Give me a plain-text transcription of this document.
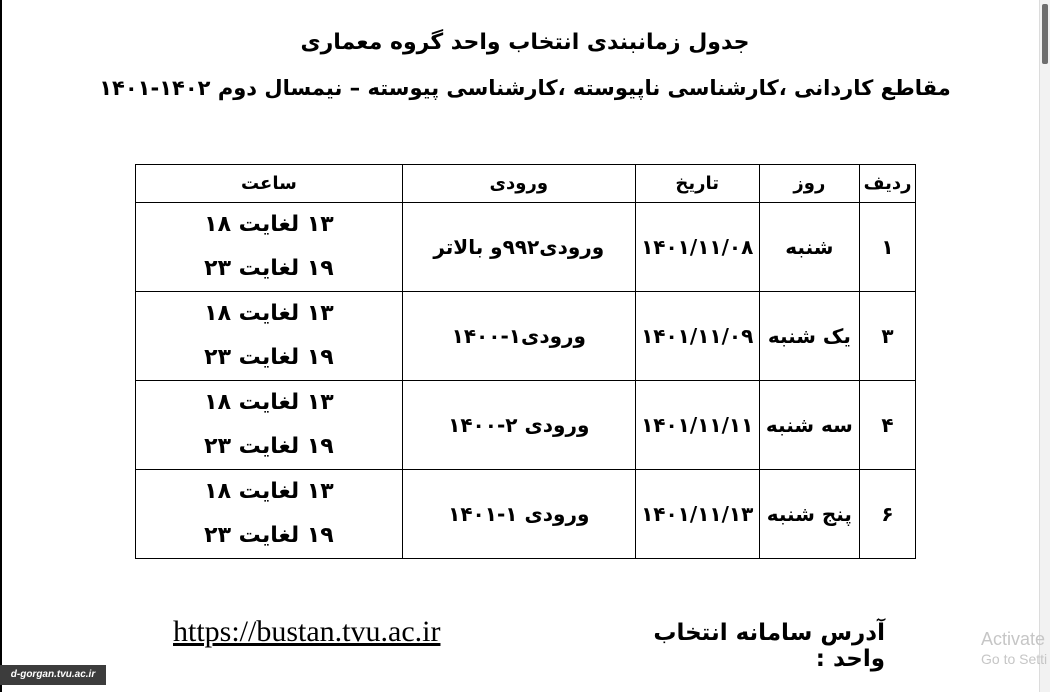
جدول زمانبندی انتخاب واحد گروه معماری
مقاطع کاردانی ،کارشناسی ناپیوسته ،کارشناسی پیوسته – نیمسال دوم ۱۴۰۲-۱۴۰۱
ردیف	روز	تاریخ	ورودی	ساعت
۱	شنبه	۱۴۰۱/۱۱/۰۸	ورودی۹۹۲و بالاتر	۱۳ لغایت ۱۸
۱۹ لغایت ۲۳

۳	یک شنبه	۱۴۰۱/۱۱/۰۹	ورودی۱-۱۴۰۰	۱۳ لغایت ۱۸
۱۹ لغایت ۲۳

۴	سه شنبه	۱۴۰۱/۱۱/۱۱	ورودی ۲-۱۴۰۰	۱۳ لغایت ۱۸
۱۹ لغایت ۲۳

۶	پنج شنبه	۱۴۰۱/۱۱/۱۳	ورودی ۱-۱۴۰۱	۱۳ لغایت ۱۸
۱۹ لغایت ۲۳
آدرس سامانه انتخاب واحد :
https://bustan.tvu.ac.ir	Activate
Go to Setti
d-gorgan.tvu.ac.ir
